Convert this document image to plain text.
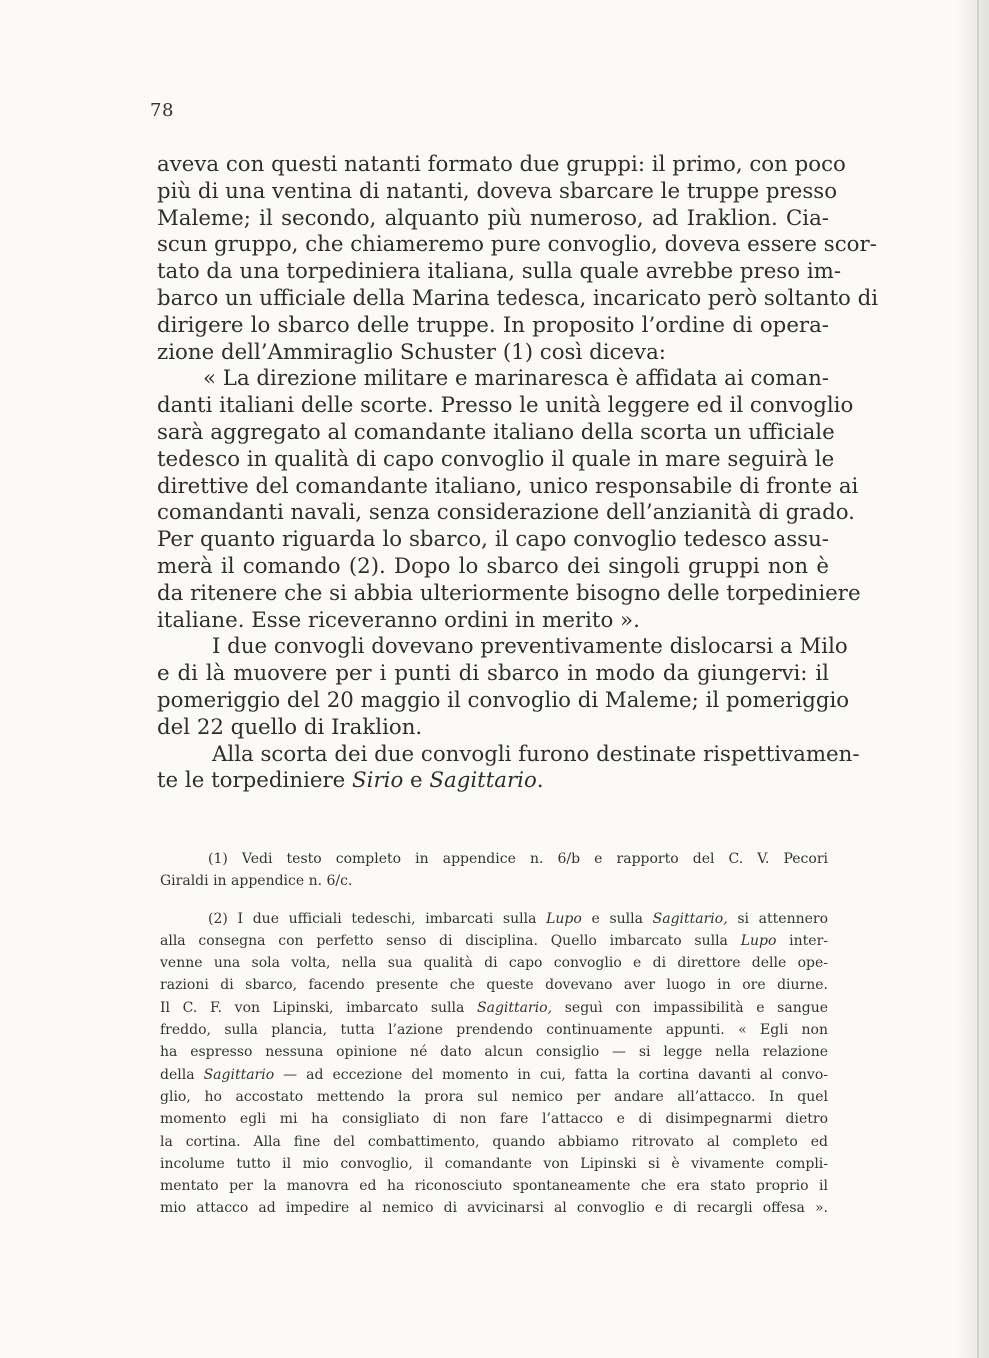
78
aveva con questi natanti formato due gruppi: il primo, con poco
più di una ventina di natanti, doveva sbarcare le truppe presso
Maleme; il secondo, alquanto più numeroso, ad Iraklion. Cia-
scun gruppo, che chiameremo pure convoglio, doveva essere scor-
tato da una torpediniera italiana, sulla quale avrebbe preso im-
barco un ufficiale della Marina tedesca, incaricato però soltanto di
dirigere lo sbarco delle truppe. In proposito l’ordine di opera-
zione dell’Ammiraglio Schuster (1) così diceva:
« La direzione militare e marinaresca è affidata ai coman-
danti italiani delle scorte. Presso le unità leggere ed il convoglio
sarà aggregato al comandante italiano della scorta un ufficiale
tedesco in qualità di capo convoglio il quale in mare seguirà le
direttive del comandante italiano, unico responsabile di fronte ai
comandanti navali, senza considerazione dell’anzianità di grado.
Per quanto riguarda lo sbarco, il capo convoglio tedesco assu-
merà il comando (2). Dopo lo sbarco dei singoli gruppi non è
da ritenere che si abbia ulteriormente bisogno delle torpediniere
italiane. Esse riceveranno ordini in merito ».
I due convogli dovevano preventivamente dislocarsi a Milo
e di là muovere per i punti di sbarco in modo da giungervi: il
pomeriggio del 20 maggio il convoglio di Maleme; il pomeriggio
del 22 quello di Iraklion.
Alla scorta dei due convogli furono destinate rispettivamen-
te le torpediniere Sirio e Sagittario.
(1) Vedi testo completo in appendice n. 6/b e rapporto del C. V. Pecori
Giraldi in appendice n. 6/c.
(2) I due ufficiali tedeschi, imbarcati sulla Lupo e sulla Sagittario, si attennero
alla consegna con perfetto senso di disciplina. Quello imbarcato sulla Lupo inter-
venne una sola volta, nella sua qualità di capo convoglio e di direttore delle ope-
razioni di sbarco, facendo presente che queste dovevano aver luogo in ore diurne.
Il C. F. von Lipinski, imbarcato sulla Sagittario, seguì con impassibilità e sangue
freddo, sulla plancia, tutta l’azione prendendo continuamente appunti. « Egli non
ha espresso nessuna opinione né dato alcun consiglio — si legge nella relazione
della Sagittario — ad eccezione del momento in cui, fatta la cortina davanti al convo-
glio, ho accostato mettendo la prora sul nemico per andare all’attacco. In quel
momento egli mi ha consigliato di non fare l’attacco e di disimpegnarmi dietro
la cortina. Alla fine del combattimento, quando abbiamo ritrovato al completo ed
incolume tutto il mio convoglio, il comandante von Lipinski si è vivamente compli-
mentato per la manovra ed ha riconosciuto spontaneamente che era stato proprio il
mio attacco ad impedire al nemico di avvicinarsi al convoglio e di recargli offesa ».
